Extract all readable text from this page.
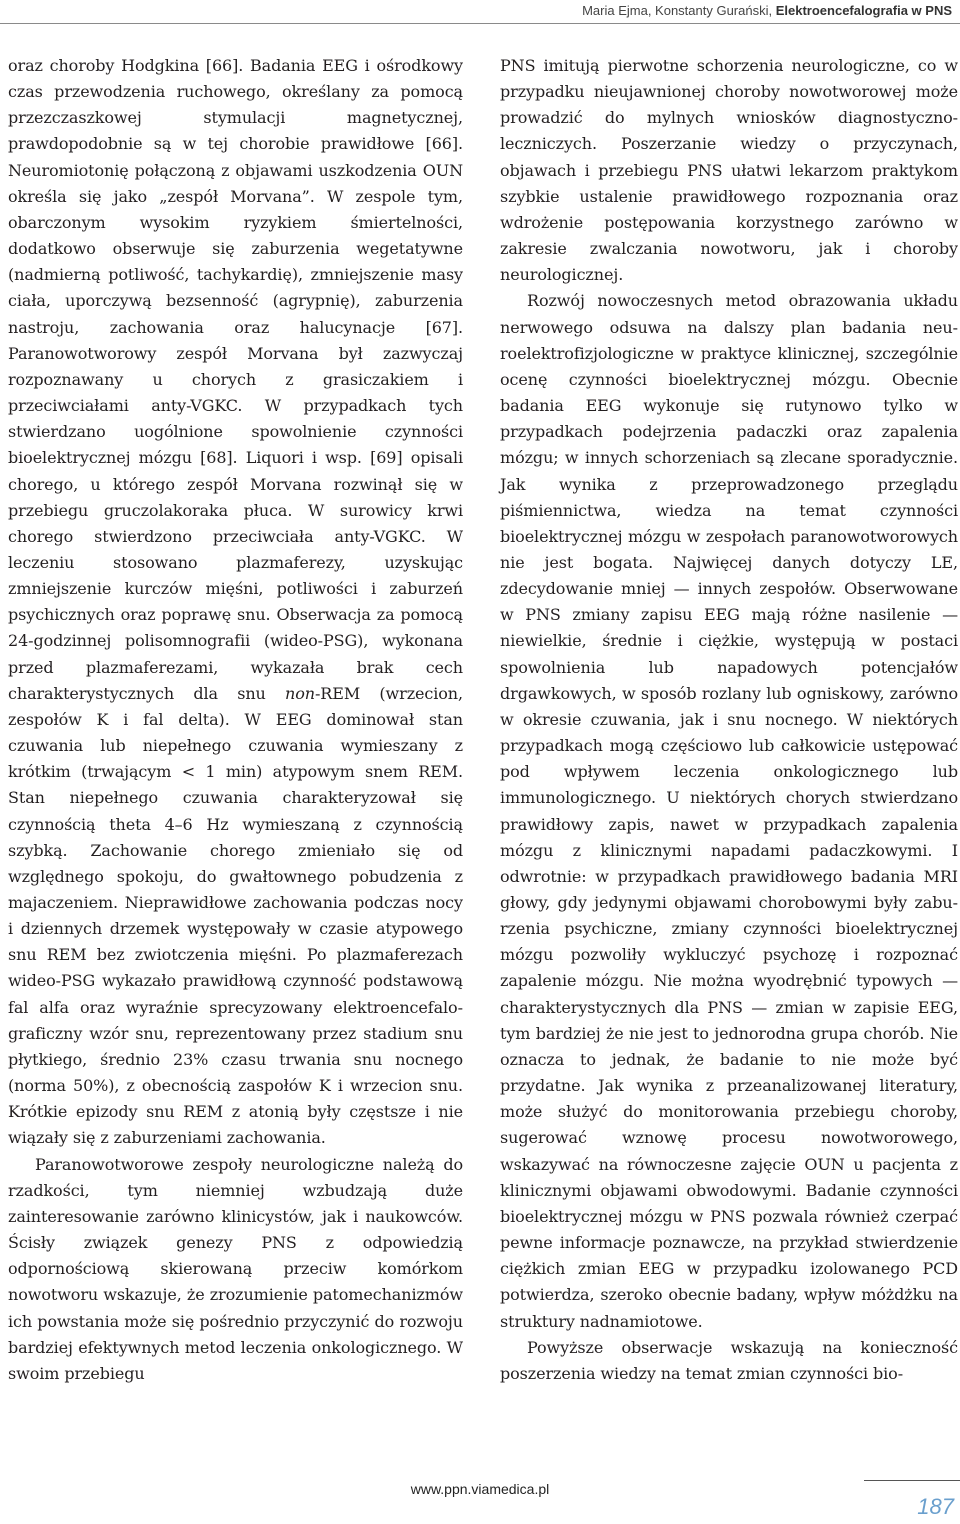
Maria Ejma, Konstanty Gurański, Elektroencefalografia w PNS

oraz choroby Hodgkina [66]. Badania EEG i ośrodkowy czas przewodzenia ruchowego, określany za pomocą przezczaszkowej stymulacji magnetycznej, prawdopodobnie są w tej chorobie prawidłowe [66]. Neuromiotonię połączoną z objawami uszkodzenia OUN określa się jako „zespół Morvana”. W zespole tym, obarczonym wysokim ryzykiem śmiertelności, dodatkowo obserwuje się zaburzenia wegetatywne (nadmierną potliwość, tachykardię), zmniejszenie masy ciała, uporczywą bezsenność (agrypnię), zaburzenia nastroju, zachowania oraz halucynacje [67]. Paranowotworowy zespół Morvana był zazwyczaj rozpoznawany u chorych z grasiczakiem i przeciwciałami anty-VGKC. W przypadkach tych stwierdzano uogólnione spowolnienie czynności bioelektrycznej mózgu [68]. Liquori i wsp. [69] opisali chorego, u którego zespół Morvana rozwinął się w przebiegu gruczolakoraka płuca. W surowicy krwi chorego stwierdzono przeciwciała anty-VGKC. W leczeniu stosowano plazmaferezy, uzyskując zmniejszenie kurczów mięśni, potliwości i zaburzeń psychicznych oraz poprawę snu. Obserwacja za pomocą 24-godzinnej polisomnografii (wideo-PSG), wykonana przed plazmaferezami, wykazała brak cech charakterystycznych dla snu non-REM (wrzecion, zespołów K i fal delta). W EEG dominował stan czuwania lub niepełnego czuwania wymieszany z krótkim (trwającym < 1 min) atypowym snem REM. Stan niepełnego czuwania charakteryzował się czynnością theta 4–6 Hz wymieszaną z czynnością szybką. Zachowanie chorego zmieniało się od względnego spokoju, do gwałtownego pobudzenia z majaczeniem. Nieprawidłowe zachowania podczas nocy i dziennych drzemek występowały w czasie atypowego snu REM bez zwiotczenia mięśni. Po plazmaferezach wideo-PSG wykazało prawidłową czynność podstawową fal alfa oraz wyraźnie sprecyzowany elektroencefalograficzny wzór snu, reprezentowany przez stadium snu płytkiego, średnio 23% czasu trwania snu nocnego (norma 50%), z obecnością zaspołów K i wrzecion snu. Krótkie epizody snu REM z atonią były częstsze i nie wiązały się z zaburzeniami zachowania.

Paranowotworowe zespoły neurologiczne należą do rzadkości, tym niemniej wzbudzają duże zainteresowanie zarówno klinicystów, jak i naukowców. Ścisły związek genezy PNS z odpowiedzią odpornościową skierowaną przeciw komórkom nowotworu wskazuje, że zrozumienie patomechanizmów ich powstania może się pośrednio przyczynić do rozwoju bardziej efektywnych metod leczenia onkologicznego. W swoim przebiegu

PNS imitują pierwotne schorzenia neurologiczne, co w przypadku nieujawnionej choroby nowotworowej może prowadzić do mylnych wniosków diagnostyczno-leczniczych. Poszerzanie wiedzy o przyczynach, objawach i przebiegu PNS ułatwi lekarzom praktykom szybkie ustalenie prawidłowego rozpoznania oraz wdrożenie postępowania korzystnego zarówno w zakresie zwalczania nowotworu, jak i choroby neurologicznej.

Rozwój nowoczesnych metod obrazowania układu nerwowego odsuwa na dalszy plan badania neuroelektrofizjologiczne w praktyce klinicznej, szczególnie ocenę czynności bioelektrycznej mózgu. Obecnie badania EEG wykonuje się rutynowo tylko w przypadkach podejrzenia padaczki oraz zapalenia mózgu; w innych schorzeniach są zlecane sporadycznie. Jak wynika z przeprowadzonego przeglądu piśmiennictwa, wiedza na temat czynności bioelektrycznej mózgu w zespołach paranowotworowych nie jest bogata. Najwięcej danych dotyczy LE, zdecydowanie mniej — innych zespołów. Obserwowane w PNS zmiany zapisu EEG mają różne nasilenie — niewielkie, średnie i ciężkie, występują w postaci spowolnienia lub napadowych potencjałów drgawkowych, w sposób rozlany lub ogniskowy, zarówno w okresie czuwania, jak i snu nocnego. W niektórych przypadkach mogą częściowo lub całkowicie ustępować pod wpływem leczenia onkologicznego lub immunologicznego. U niektórych chorych stwierdzano prawidłowy zapis, nawet w przypadkach zapalenia mózgu z klinicznymi napadami padaczkowymi. I odwrotnie: w przypadkach prawidłowego badania MRI głowy, gdy jedynymi objawami chorobowymi były zaburzenia psychiczne, zmiany czynności bioelektrycznej mózgu pozwoliły wykluczyć psychozę i rozpoznać zapalenie mózgu. Nie można wyodrębnić typowych — charakterystycznych dla PNS — zmian w zapisie EEG, tym bardziej że nie jest to jednorodna grupa chorób. Nie oznacza to jednak, że badanie to nie może być przydatne. Jak wynika z przeanalizowanej literatury, może służyć do monitorowania przebiegu choroby, sugerować wznowę procesu nowotworowego, wskazywać na równoczesne zajęcie OUN u pacjenta z klinicznymi objawami obwodowymi. Badanie czynności bioelektrycznej mózgu w PNS pozwala również czerpać pewne informacje poznawcze, na przykład stwierdzenie ciężkich zmian EEG w przypadku izolowanego PCD potwierdza, szeroko obecnie badany, wpływ móżdżku na struktury nadnamiotowe.

Powyższe obserwacje wskazują na konieczność poszerzenia wiedzy na temat zmian czynności bio-

www.ppn.viamedica.pl
187
